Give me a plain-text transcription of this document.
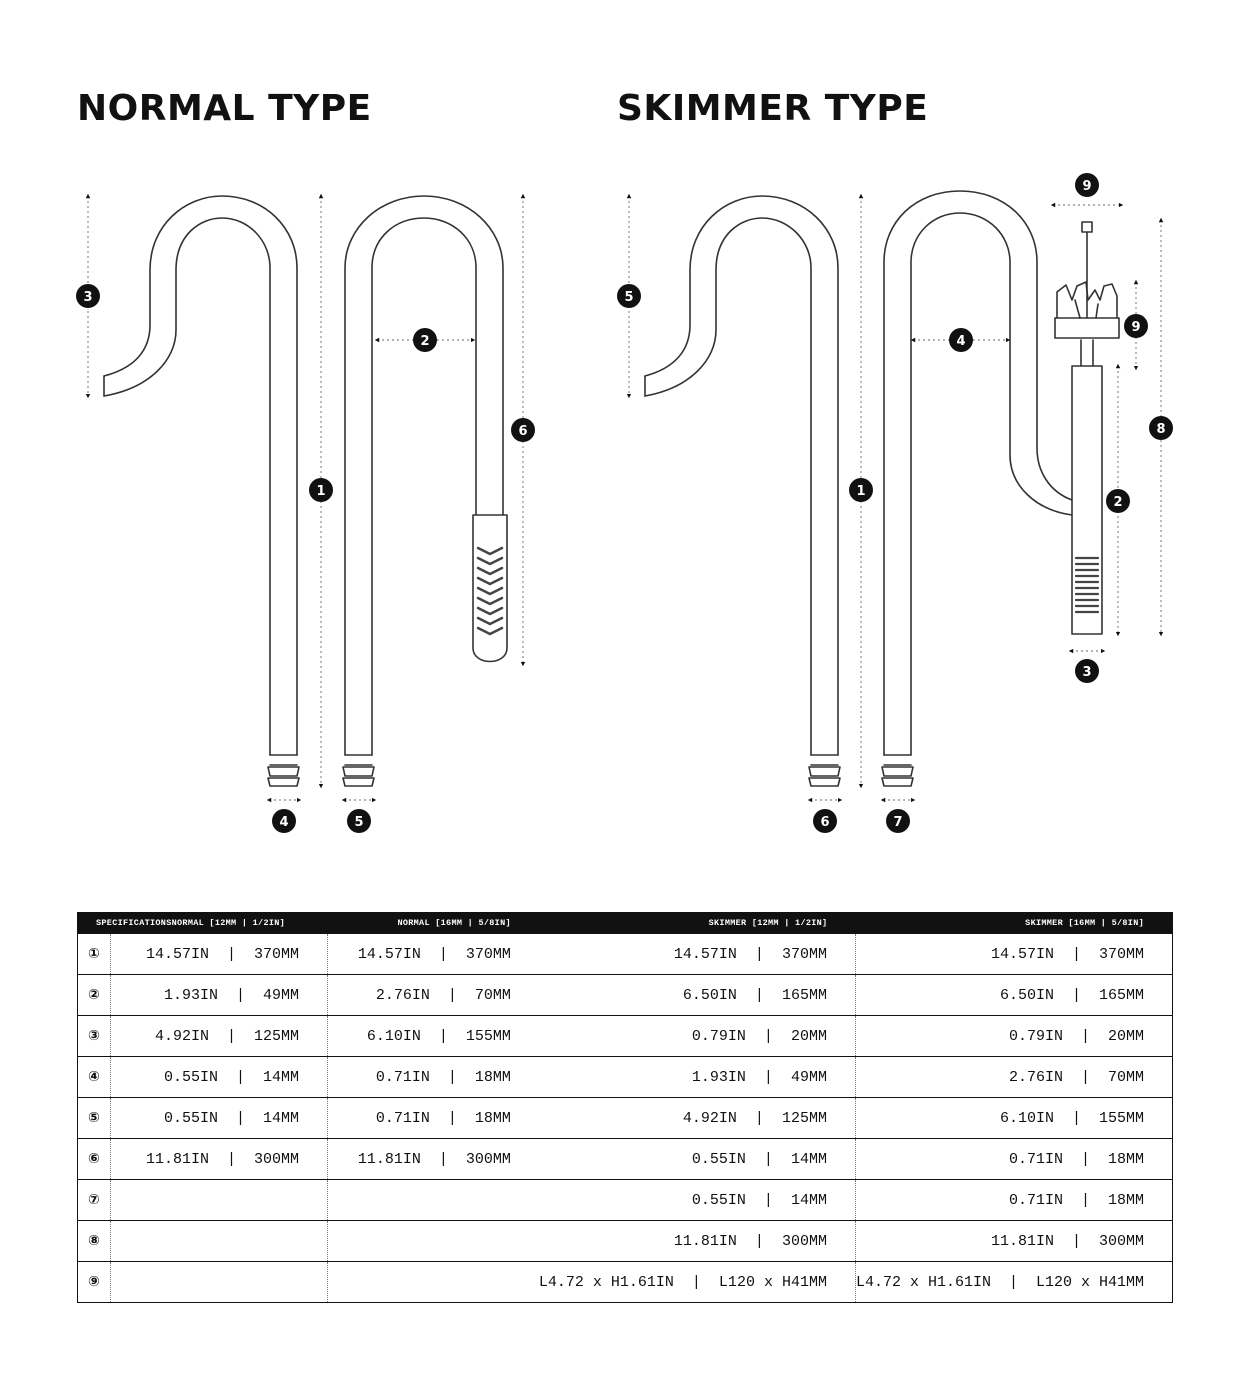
NORMAL TYPE	SKIMMER TYPE
1
2
3
4	5
6
1
2
3
4
5
6	7
8
9
9
SPECIFICATIONS NORMAL [12MM | 1/2IN]		NORMAL [16MM | 5/8IN]	SKIMMER [12MM | 1/2IN]	SKIMMER [16MM | 5/8IN]
①	14.57IN  |  370MM	14.57IN  |  370MM	14.57IN  |  370MM	14.57IN  |  370MM
②	1.93IN  |  49MM	2.76IN  |  70MM	6.50IN  |  165MM	6.50IN  |  165MM
③	4.92IN  |  125MM	6.10IN  |  155MM	0.79IN  |  20MM	0.79IN  |  20MM
④	0.55IN  |  14MM	0.71IN  |  18MM	1.93IN  |  49MM	2.76IN  |  70MM
⑤	0.55IN  |  14MM	0.71IN  |  18MM	4.92IN  |  125MM	6.10IN  |  155MM
⑥	11.81IN  |  300MM	11.81IN  |  300MM	0.55IN  |  14MM	0.71IN  |  18MM
⑦			0.55IN  |  14MM	0.71IN  |  18MM
⑧			11.81IN  |  300MM	11.81IN  |  300MM
⑨			L4.72 x H1.61IN  |  L120 x H41MM	L4.72 x H1.61IN  |  L120 x H41MM
